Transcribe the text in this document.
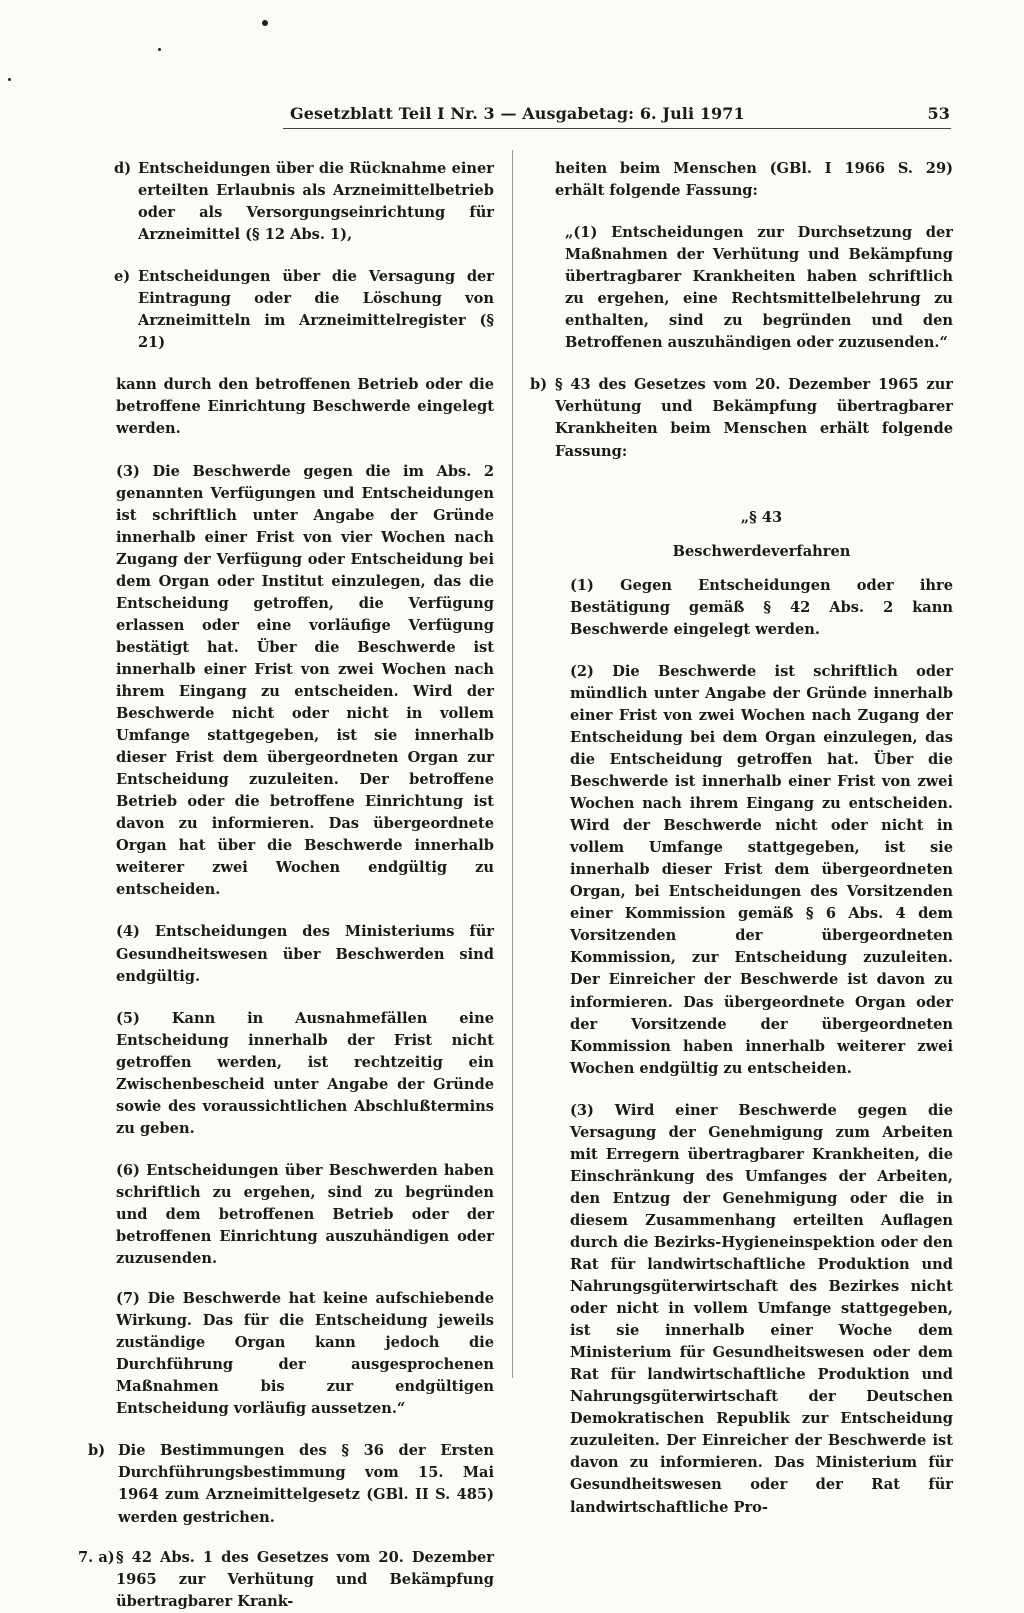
Gesetzblatt Teil I Nr. 3 — Ausgabetag: 6. Juli 1971	53
d) Entscheidungen über die Rücknahme einer erteilten Erlaubnis als Arzneimittelbetrieb oder als Versorgungseinrichtung für Arzneimittel (§ 12 Abs. 1),

e) Entscheidungen über die Versagung der Eintragung oder die Löschung von Arzneimitteln im Arzneimittelregister (§ 21)

kann durch den betroffenen Betrieb oder die betroffene Einrichtung Beschwerde eingelegt werden.

(3) Die Beschwerde gegen die im Abs. 2 genannten Verfügungen und Entscheidungen ist schriftlich unter Angabe der Gründe innerhalb einer Frist von vier Wochen nach Zugang der Verfügung oder Entscheidung bei dem Organ oder Institut einzulegen, das die Entscheidung getroffen, die Verfügung erlassen oder eine vorläufige Verfügung bestätigt hat. Über die Beschwerde ist innerhalb einer Frist von zwei Wochen nach ihrem Eingang zu entscheiden. Wird der Beschwerde nicht oder nicht in vollem Umfange stattgegeben, ist sie innerhalb dieser Frist dem übergeordneten Organ zur Entscheidung zuzuleiten. Der betroffene Betrieb oder die betroffene Einrichtung ist davon zu informieren. Das übergeordnete Organ hat über die Beschwerde innerhalb weiterer zwei Wochen endgültig zu entscheiden.

(4) Entscheidungen des Ministeriums für Gesundheitswesen über Beschwerden sind endgültig.

(5) Kann in Ausnahmefällen eine Entscheidung innerhalb der Frist nicht getroffen werden, ist rechtzeitig ein Zwischenbescheid unter Angabe der Gründe sowie des voraussichtlichen Abschlußtermins zu geben.

(6) Entscheidungen über Beschwerden haben schriftlich zu ergehen, sind zu begründen und dem betroffenen Betrieb oder der betroffenen Einrichtung auszuhändigen oder zuzusenden.

(7) Die Beschwerde hat keine aufschiebende Wirkung. Das für die Entscheidung jeweils zuständige Organ kann jedoch die Durchführung der ausgesprochenen Maßnahmen bis zur endgültigen Entscheidung vorläufig aussetzen.“

b) Die Bestimmungen des § 36 der Ersten Durchführungsbestimmung vom 15. Mai 1964 zum Arzneimittelgesetz (GBl. II S. 485) werden gestrichen.

7. a) § 42 Abs. 1 des Gesetzes vom 20. Dezember 1965 zur Verhütung und Bekämpfung übertragbarer Krank-

heiten beim Menschen (GBl. I 1966 S. 29) erhält folgende Fassung:

„(1) Entscheidungen zur Durchsetzung der Maßnahmen der Verhütung und Bekämpfung übertragbarer Krankheiten haben schriftlich zu ergehen, eine Rechtsmittelbelehrung zu enthalten, sind zu begründen und den Betroffenen auszuhändigen oder zuzusenden.“

b) § 43 des Gesetzes vom 20. Dezember 1965 zur Verhütung und Bekämpfung übertragbarer Krankheiten beim Menschen erhält folgende Fassung:

„§ 43

Beschwerdeverfahren

(1) Gegen Entscheidungen oder ihre Bestätigung gemäß § 42 Abs. 2 kann Beschwerde eingelegt werden.

(2) Die Beschwerde ist schriftlich oder mündlich unter Angabe der Gründe innerhalb einer Frist von zwei Wochen nach Zugang der Entscheidung bei dem Organ einzulegen, das die Entscheidung getroffen hat. Über die Beschwerde ist innerhalb einer Frist von zwei Wochen nach ihrem Eingang zu entscheiden. Wird der Beschwerde nicht oder nicht in vollem Umfange stattgegeben, ist sie innerhalb dieser Frist dem übergeordneten Organ, bei Entscheidungen des Vorsitzenden einer Kommission gemäß § 6 Abs. 4 dem Vorsitzenden der übergeordneten Kommission, zur Entscheidung zuzuleiten. Der Einreicher der Beschwerde ist davon zu informieren. Das übergeordnete Organ oder der Vorsitzende der übergeordneten Kommission haben innerhalb weiterer zwei Wochen endgültig zu entscheiden.

(3) Wird einer Beschwerde gegen die Versagung der Genehmigung zum Arbeiten mit Erregern übertragbarer Krankheiten, die Einschränkung des Umfanges der Arbeiten, den Entzug der Genehmigung oder die in diesem Zusammenhang erteilten Auflagen durch die Bezirks-Hygieneinspektion oder den Rat für landwirtschaftliche Produktion und Nahrungsgüterwirtschaft des Bezirkes nicht oder nicht in vollem Umfange stattgegeben, ist sie innerhalb einer Woche dem Ministerium für Gesundheitswesen oder dem Rat für landwirtschaftliche Produktion und Nahrungsgüterwirtschaft der Deutschen Demokratischen Republik zur Entscheidung zuzuleiten. Der Einreicher der Beschwerde ist davon zu informieren. Das Ministerium für Gesundheitswesen oder der Rat für landwirtschaftliche Pro-
